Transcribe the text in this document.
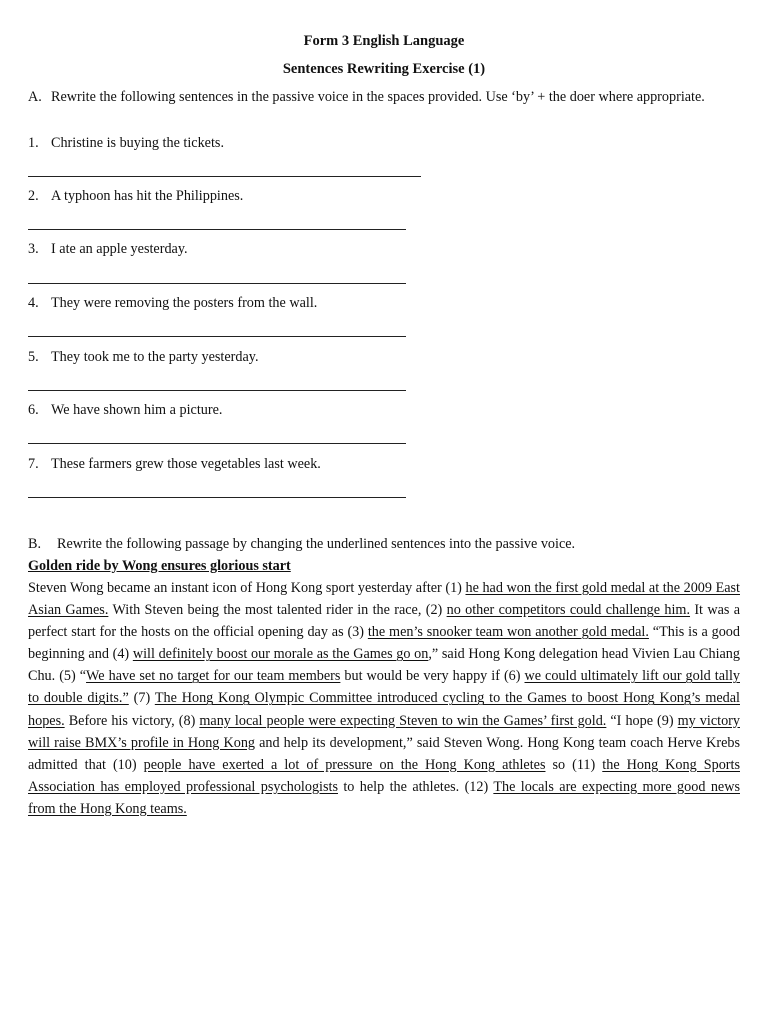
Form 3 English Language
Sentences Rewriting Exercise (1)
A. Rewrite the following sentences in the passive voice in the spaces provided. Use ‘by’ + the doer where appropriate.
1. Christine is buying the tickets.
2. A typhoon has hit the Philippines.
3. I ate an apple yesterday.
4. They were removing the posters from the wall.
5. They took me to the party yesterday.
6. We have shown him a picture.
7. These farmers grew those vegetables last week.
B. Rewrite the following passage by changing the underlined sentences into the passive voice.
Golden ride by Wong ensures glorious start
Steven Wong became an instant icon of Hong Kong sport yesterday after (1) he had won the first gold medal at the 2009 East Asian Games. With Steven being the most talented rider in the race, (2) no other competitors could challenge him. It was a perfect start for the hosts on the official opening day as (3) the men’s snooker team won another gold medal. “This is a good beginning and (4) will definitely boost our morale as the Games go on,” said Hong Kong delegation head Vivien Lau Chiang Chu. (5) “We have set no target for our team members but would be very happy if (6) we could ultimately lift our gold tally to double digits.” (7) The Hong Kong Olympic Committee introduced cycling to the Games to boost Hong Kong’s medal hopes. Before his victory, (8) many local people were expecting Steven to win the Games’ first gold. “I hope (9) my victory will raise BMX’s profile in Hong Kong and help its development,” said Steven Wong. Hong Kong team coach Herve Krebs admitted that (10) people have exerted a lot of pressure on the Hong Kong athletes so (11) the Hong Kong Sports Association has employed professional psychologists to help the athletes. (12) The locals are expecting more good news from the Hong Kong teams.
